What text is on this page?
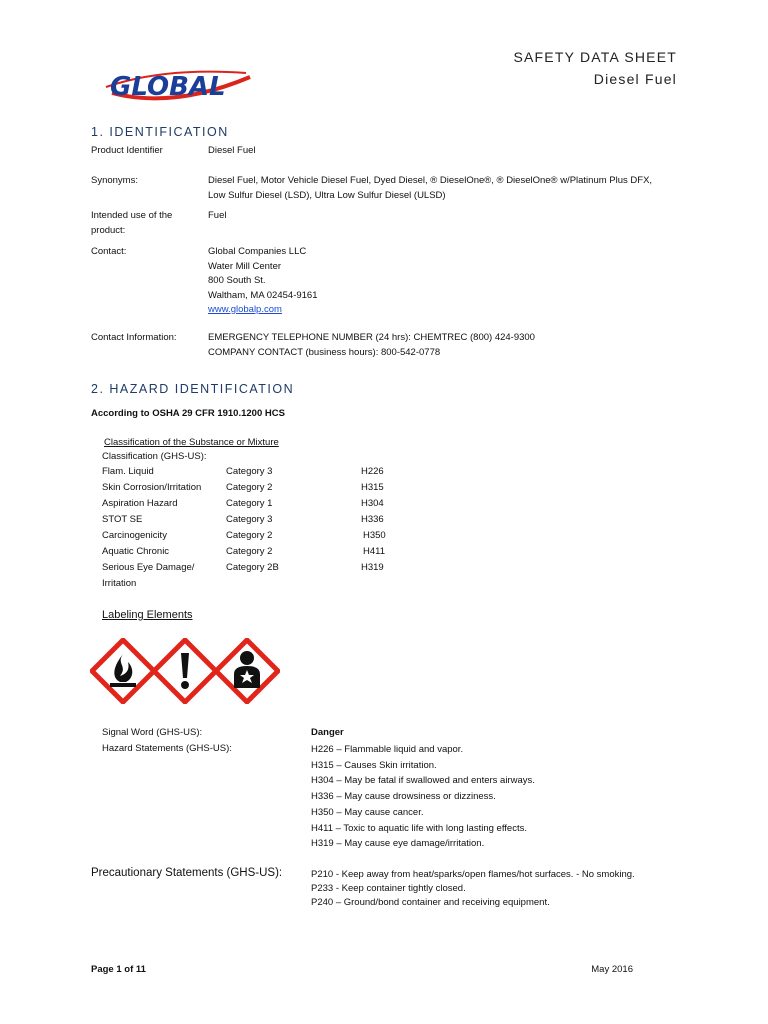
GLOBAL
SAFETY DATA SHEET
Diesel Fuel
1. IDENTIFICATION
Product Identifier	Diesel Fuel
Synonyms:	Diesel Fuel, Motor Vehicle Diesel Fuel, Dyed Diesel, ® DieselOne®, ® DieselOne® w/Platinum Plus DFX,
Low Sulfur Diesel (LSD), Ultra Low Sulfur Diesel (ULSD)
Intended use of the
product:
Fuel
Contact:	Global Companies LLC
Water Mill Center
800 South St.
Waltham, MA 02454-9161
www.globalp.com
Contact Information:	EMERGENCY TELEPHONE NUMBER (24 hrs): CHEMTREC (800) 424-9300
COMPANY CONTACT (business hours): 800-542-0778
2. HAZARD IDENTIFICATION
According to OSHA 29 CFR 1910.1200 HCS
Classification of the Substance or Mixture
Classification (GHS-US):
Flam. Liquid	Category 3	H226
Skin Corrosion/Irritation	Category 2	H315
Aspiration Hazard	Category 1	H304
STOT SE	Category 3	H336
Carcinogenicity	Category 2	H350
Aquatic Chronic	Category 2	H411
Serious Eye Damage/	Category 2B	H319
Irritation
Labeling Elements
Signal Word (GHS-US):	Danger
Hazard Statements (GHS-US):	H226 – Flammable liquid and vapor.
H315 – Causes Skin irritation.
H304 – May be fatal if swallowed and enters airways.
H336 – May cause drowsiness or dizziness.
H350 – May cause cancer.
H411 – Toxic to aquatic life with long lasting effects.
H319 – May cause eye damage/irritation.
Precautionary Statements (GHS-US):	P210 - Keep away from heat/sparks/open flames/hot surfaces. - No smoking.
P233 - Keep container tightly closed.
P240 – Ground/bond container and receiving equipment.
Page 1 of 11	May 2016
